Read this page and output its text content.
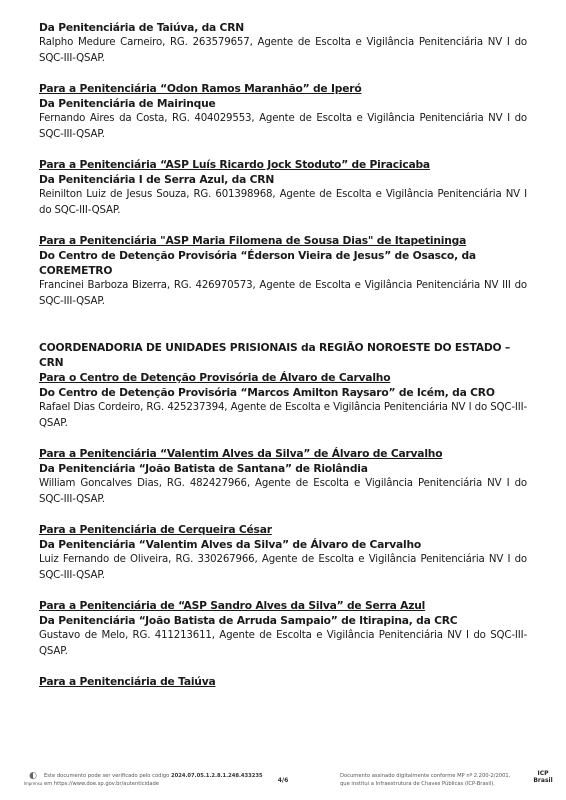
Da Penitenciária de Taiúva, da CRN
Ralpho Medure Carneiro, RG. 263579657, Agente de Escolta e Vigilância Penitenciária NV I do SQC-III-QSAP.
Para a Penitenciária “Odon Ramos Maranhão” de Iperó
Da Penitenciária de Mairinque
Fernando Aires da Costa, RG. 404029553, Agente de Escolta e Vigilância Penitenciária NV I do SQC-III-QSAP.
Para a Penitenciária “ASP Luís Ricardo Jock Stoduto” de Piracicaba
Da Penitenciária I de Serra Azul, da CRN
Reinilton Luiz de Jesus Souza, RG. 601398968, Agente de Escolta e Vigilância Penitenciária NV I do SQC-III-QSAP.
Para a Penitenciária "ASP Maria Filomena de Sousa Dias" de Itapetininga
Do Centro de Detenção Provisória “Éderson Vieira de Jesus” de Osasco, da COREMETRO
Francinei Barboza Bizerra, RG. 426970573, Agente de Escolta e Vigilância Penitenciária NV III do SQC-III-QSAP.
COORDENADORIA DE UNIDADES PRISIONAIS da REGIÃO NOROESTE DO ESTADO – CRN
Para o Centro de Detenção Provisória de Álvaro de Carvalho
Do Centro de Detenção Provisória “Marcos Amilton Raysaro” de Icém, da CRO
Rafael Dias Cordeiro, RG. 425237394, Agente de Escolta e Vigilância Penitenciária NV I do SQC-III-QSAP.
Para a Penitenciária “Valentim Alves da Silva” de Álvaro de Carvalho
Da Penitenciária “João Batista de Santana” de Riolândia
William Goncalves Dias, RG. 482427966, Agente de Escolta e Vigilância Penitenciária NV I do SQC-III-QSAP.
Para a Penitenciária de Cerqueira César
Da Penitenciária “Valentim Alves da Silva” de Álvaro de Carvalho
Luiz Fernando de Oliveira, RG. 330267966, Agente de Escolta e Vigilância Penitenciária NV I do SQC-III-QSAP.
Para a Penitenciária de “ASP Sandro Alves da Silva” de Serra Azul
Da Penitenciária “João Batista de Arruda Sampaio” de Itirapina, da CRC
Gustavo de Melo, RG. 411213611, Agente de Escolta e Vigilância Penitenciária NV I do SQC-III-QSAP.
Para a Penitenciária de Taiúva
◐
Imprensa
Este documento pode ser verificado pelo código 2024.07.05.1.2.8.1.248.433235
em https://www.doe.sp.gov.br/autenticidade	4/6
Documento assinado digitalmente conforme MP nº 2.200-2/2001,
que institui a Infraestrutura de Chaves Públicas (ICP-Brasil).
ICP
Brasil
